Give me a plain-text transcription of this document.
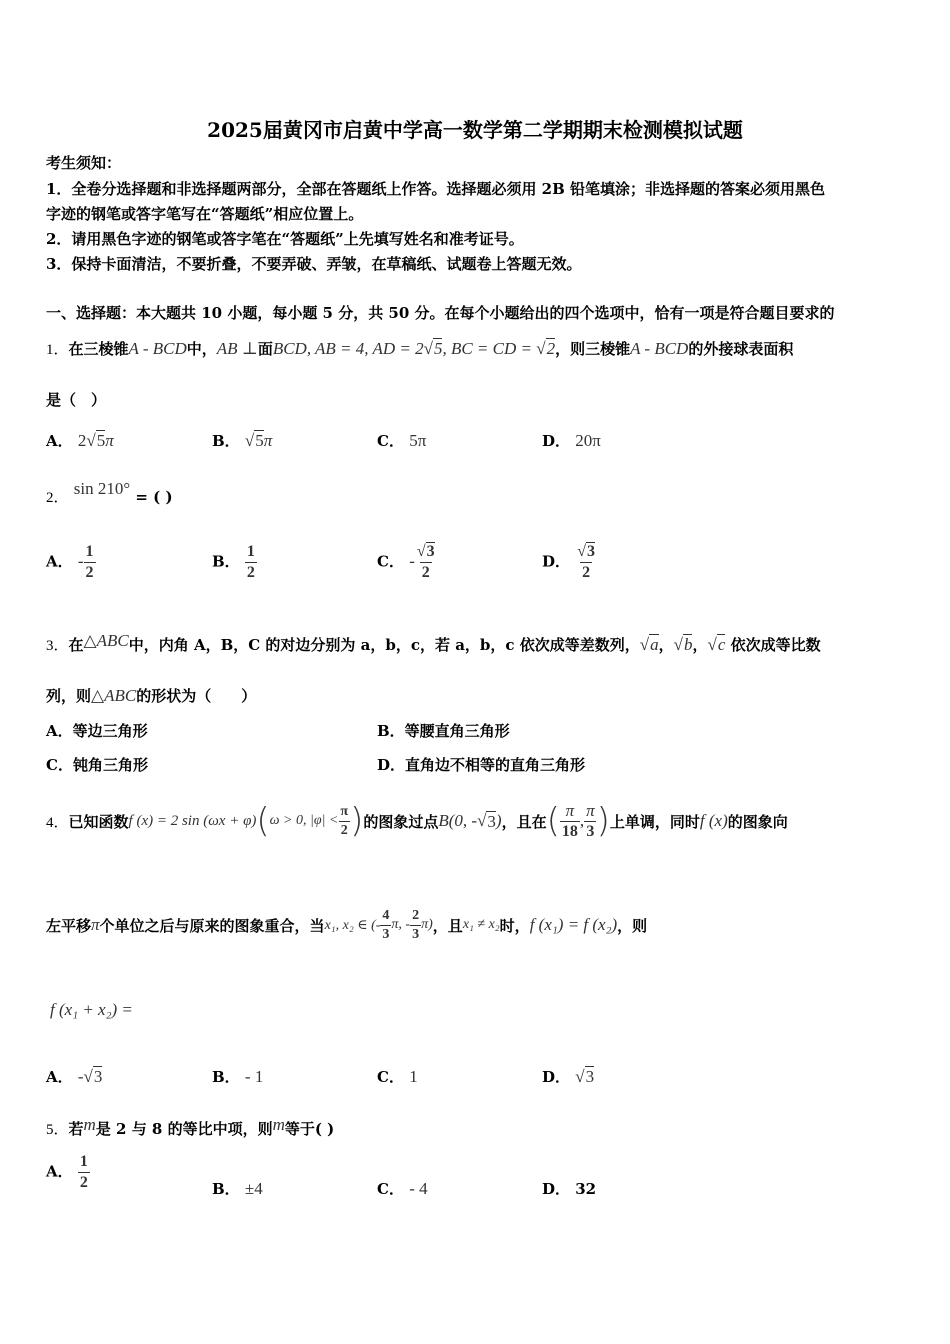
2025届黄冈市启黄中学高一数学第二学期期末检测模拟试题
考生须知：
1．全卷分选择题和非选择题两部分，全部在答题纸上作答。选择题必须用 2B 铅笔填涂；非选择题的答案必须用黑色
字迹的钢笔或答字笔写在“答题纸”相应位置上。
2．请用黑色字迹的钢笔或答字笔在“答题纸”上先填写姓名和准考证号。
3．保持卡面清洁，不要折叠，不要弄破、弄皱，在草稿纸、试题卷上答题无效。
一、选择题：本大题共 10 小题，每小题 5 分，共 50 分。在每个小题给出的四个选项中，恰有一项是符合题目要求的
1．在三棱锥A - BCD中，AB ⊥面BCD, AB = 4, AD = 2√5, BC = CD = √2，则三棱锥A - BCD的外接球表面积
是（　）
A． 2√5π	B． √5π	C． 5π	D． 20π
2． sin 210° = ( )
A． - $\frac{1}{2}$	B． $\frac{1}{2}$	C． - $\frac{√3}{2}$	D． $\frac{√3}{2}$
3．在△ABC中，内角 A，B，C 的对边分别为 a，b，c，若 a，b，c 依次成等差数列，√a，√b，√c 依次成等比数
列，则△ABC的形状为（　　）
A．等边三角形	B．等腰直角三角形
C．钝角三角形	D．直角边不相等的直角三角形
4． 已知函数 f (x) = 2 sin (ωx + φ) ( ω > 0, $|\varphi| < \frac{\pi}{2}$ ) 的图象过点 B(0, - √ 3 ) ，且在 ( $\frac{\pi}{18}$ , $\frac{\pi}{3}$ ) 上单调，同时 f (x) 的图象向
左平移 π 个单位之后与原来的图象重合，当 x₁, x₂ ∈ (- $\frac{4}{3} \pi$, - $\frac{2}{3} \pi$) ，且 x₁ ≠ x₂ 时， f (x₁) = f (x₂) ，则
f (x₁ + x₂) =
A． -√3	B． - 1	C． 1	D． √3
5．若m是 2 与 8 的等比中项，则m等于( )
A． $\frac{1}{2}$	B． ±4	C． - 4	D． 32
